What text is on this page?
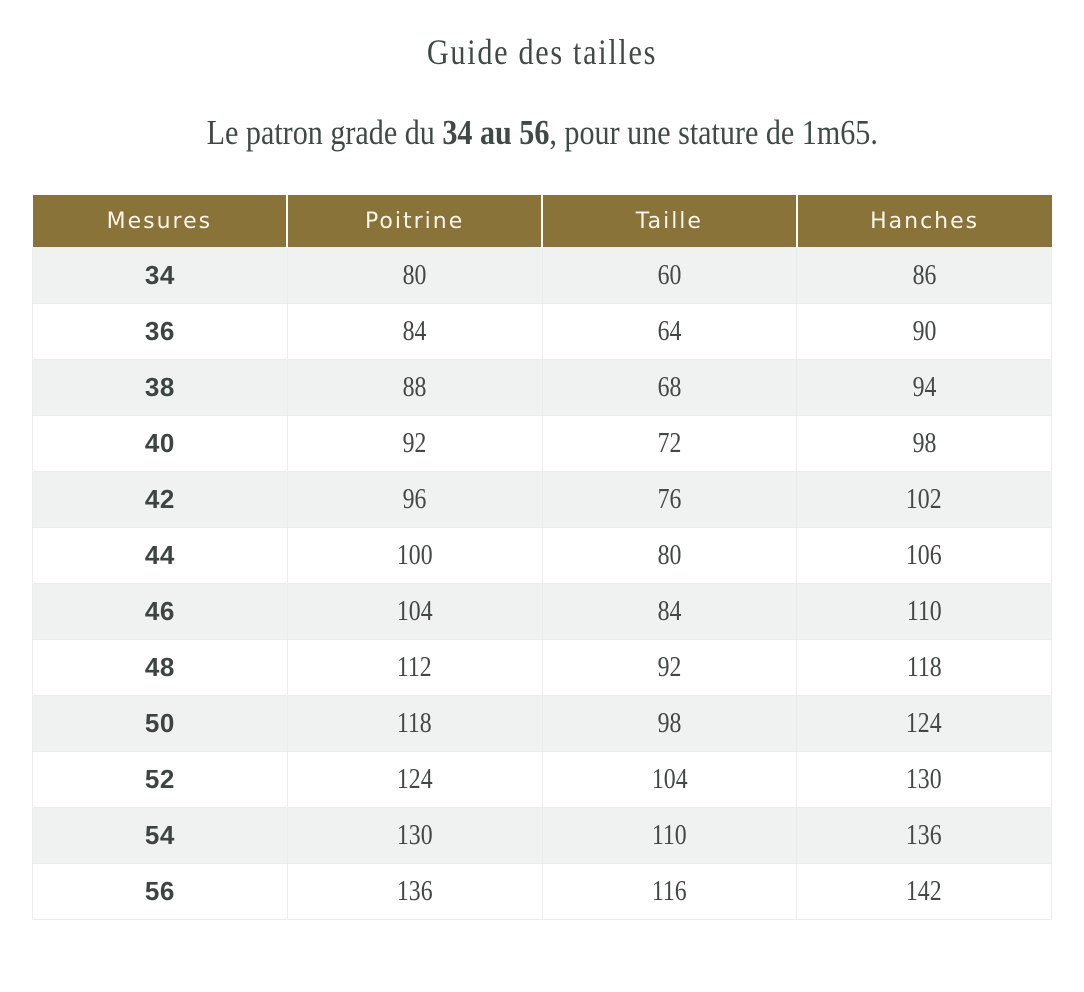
Guide des tailles

Le patron grade du 34 au 56, pour une stature de 1m65.

Mesures	Poitrine	Taille	Hanches
34	80	60	86
36	84	64	90
38	88	68	94
40	92	72	98
42	96	76	102
44	100	80	106
46	104	84	110
48	112	92	118
50	118	98	124
52	124	104	130
54	130	110	136
56	136	116	142
